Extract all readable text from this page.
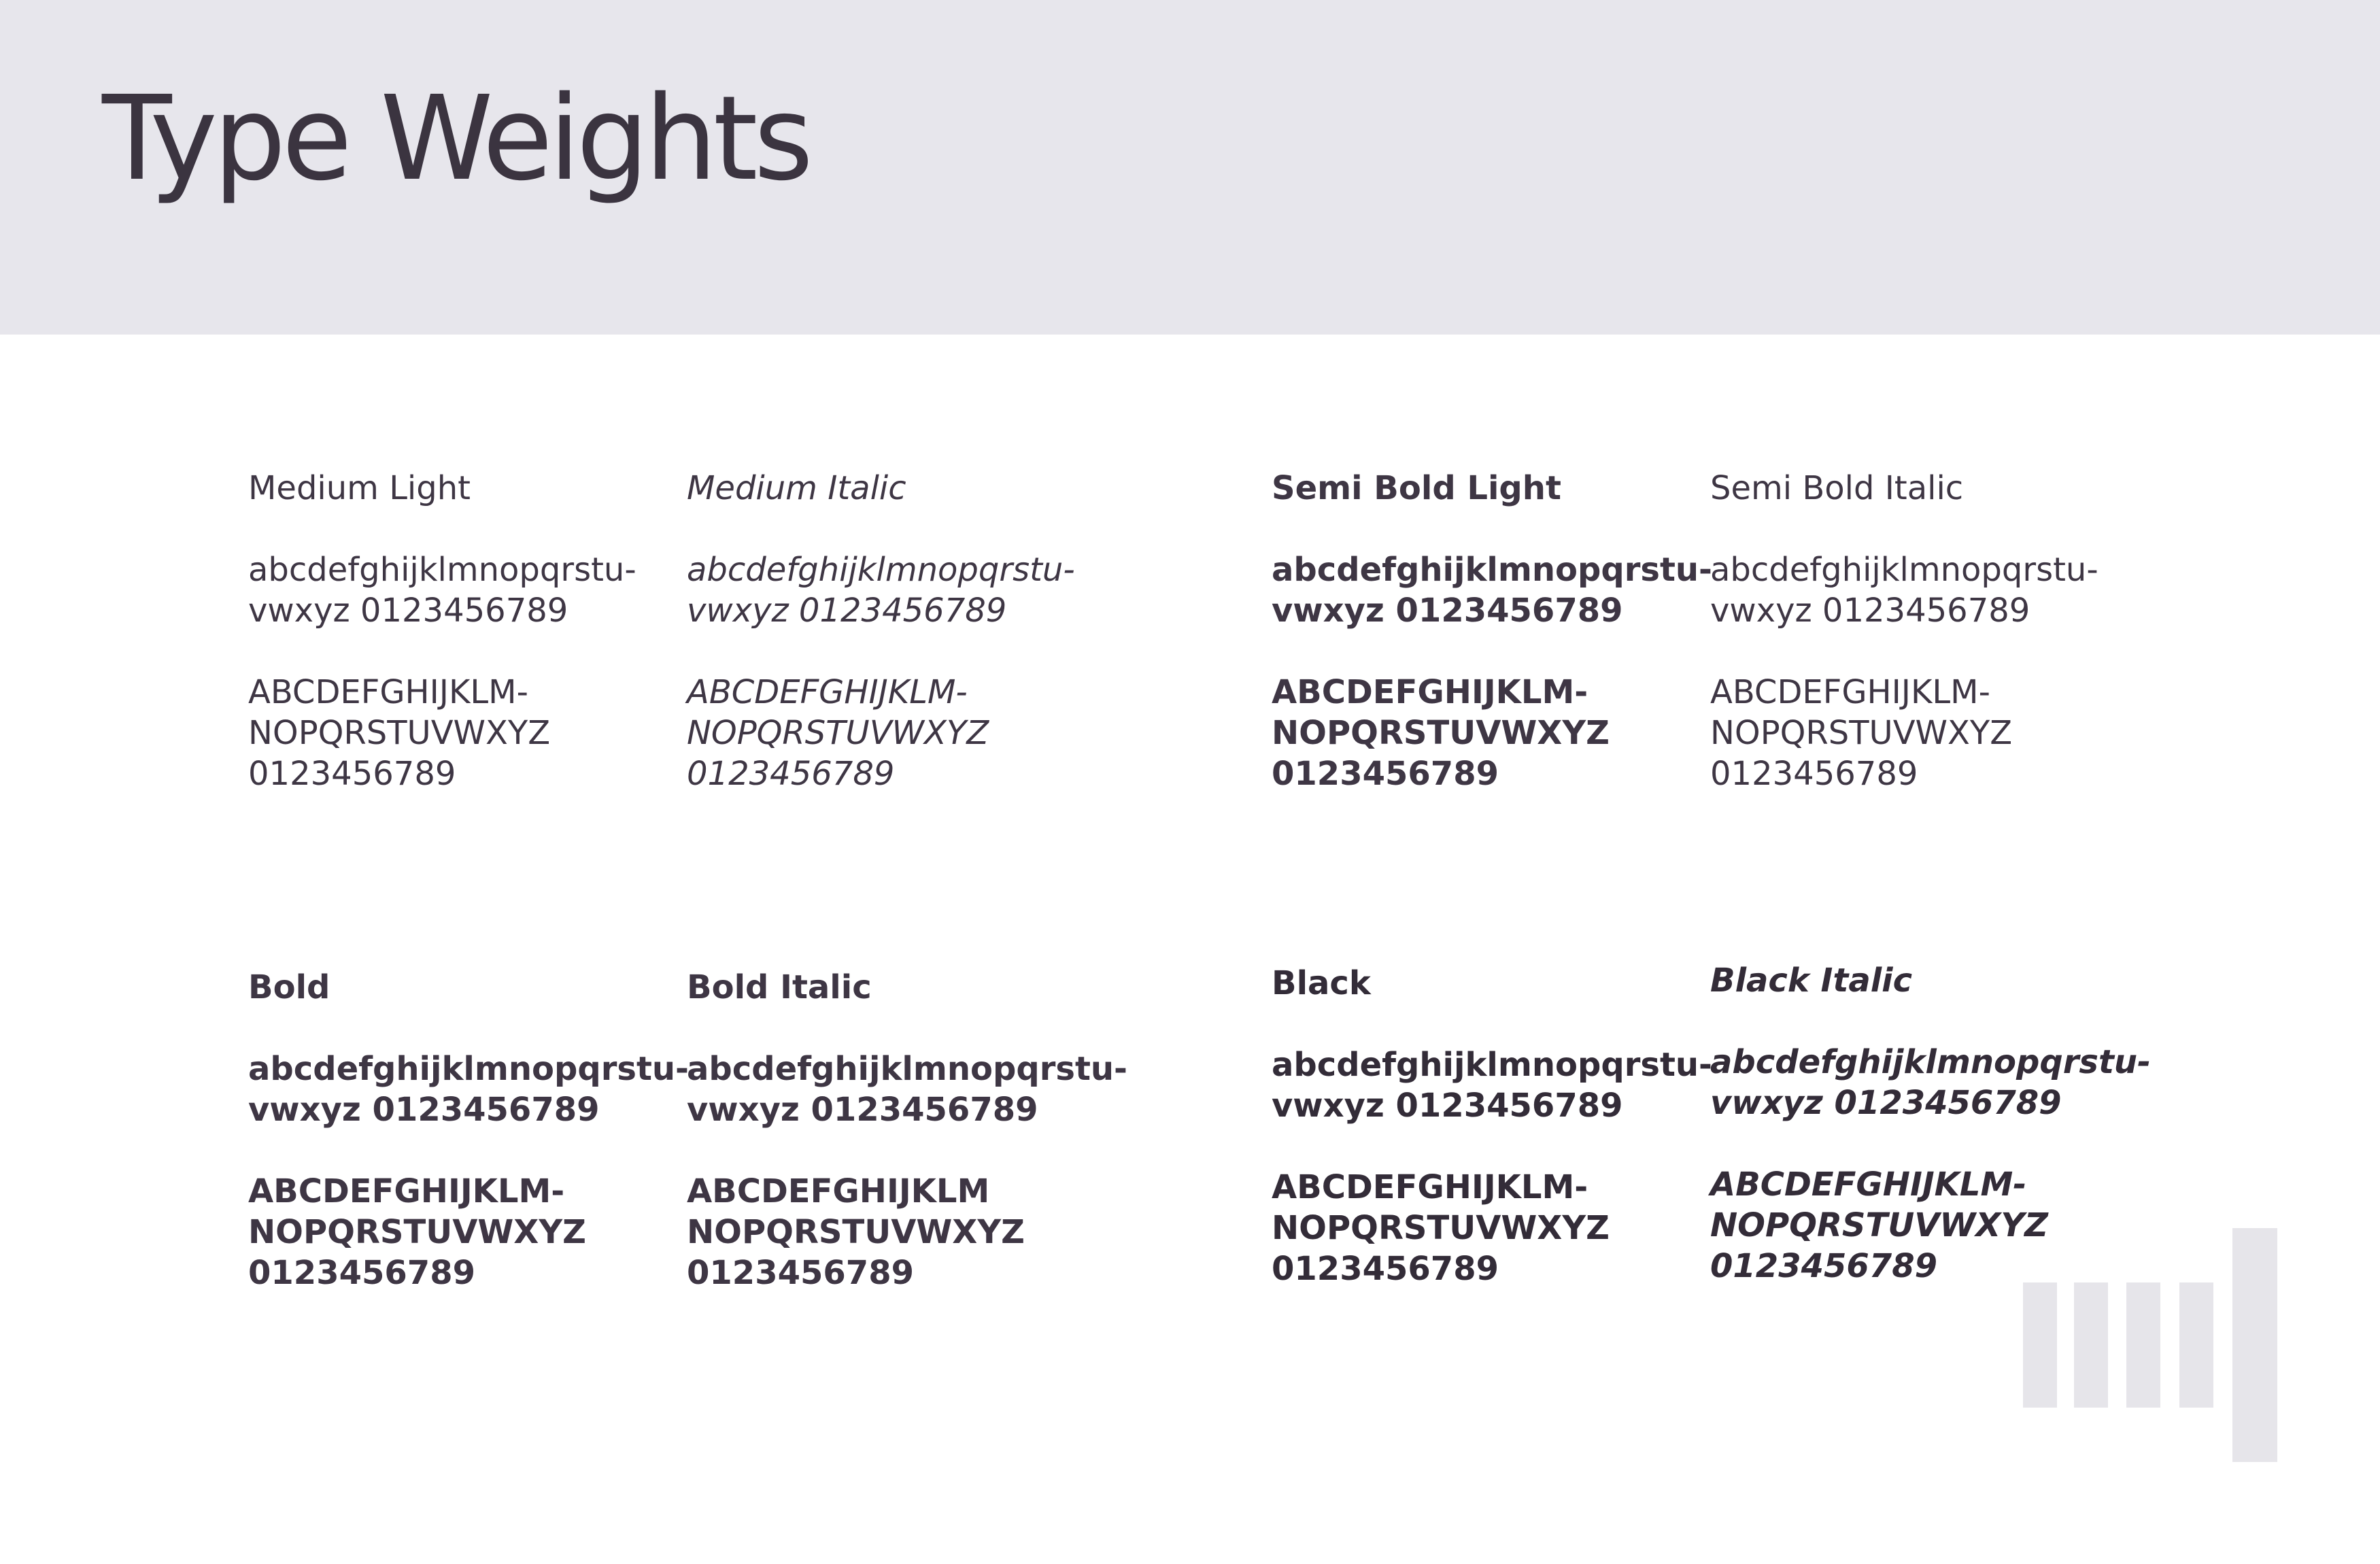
Type Weights
Medium Light
abcdefghijklmnopqrstu-
vwxyz 0123456789
ABCDEFGHIJKLM-
NOPQRSTUVWXYZ
0123456789
Medium Italic
abcdefghijklmnopqrstu-
vwxyz 0123456789
ABCDEFGHIJKLM-
NOPQRSTUVWXYZ
0123456789
Semi Bold Light
abcdefghijklmnopqrstu-
vwxyz 0123456789
ABCDEFGHIJKLM-
NOPQRSTUVWXYZ
0123456789
Semi Bold Italic
abcdefghijklmnopqrstu-
vwxyz 0123456789
ABCDEFGHIJKLM-
NOPQRSTUVWXYZ
0123456789
Bold
abcdefghijklmnopqrstu-
vwxyz 0123456789
ABCDEFGHIJKLM-
NOPQRSTUVWXYZ
0123456789
Bold Italic
abcdefghijklmnopqrstu-
vwxyz 0123456789
ABCDEFGHIJKLM
NOPQRSTUVWXYZ
0123456789
Black
abcdefghijklmnopqrstu-
vwxyz 0123456789
ABCDEFGHIJKLM-
NOPQRSTUVWXYZ
0123456789
Black Italic
abcdefghijklmnopqrstu-
vwxyz 0123456789
ABCDEFGHIJKLM-
NOPQRSTUVWXYZ
0123456789
